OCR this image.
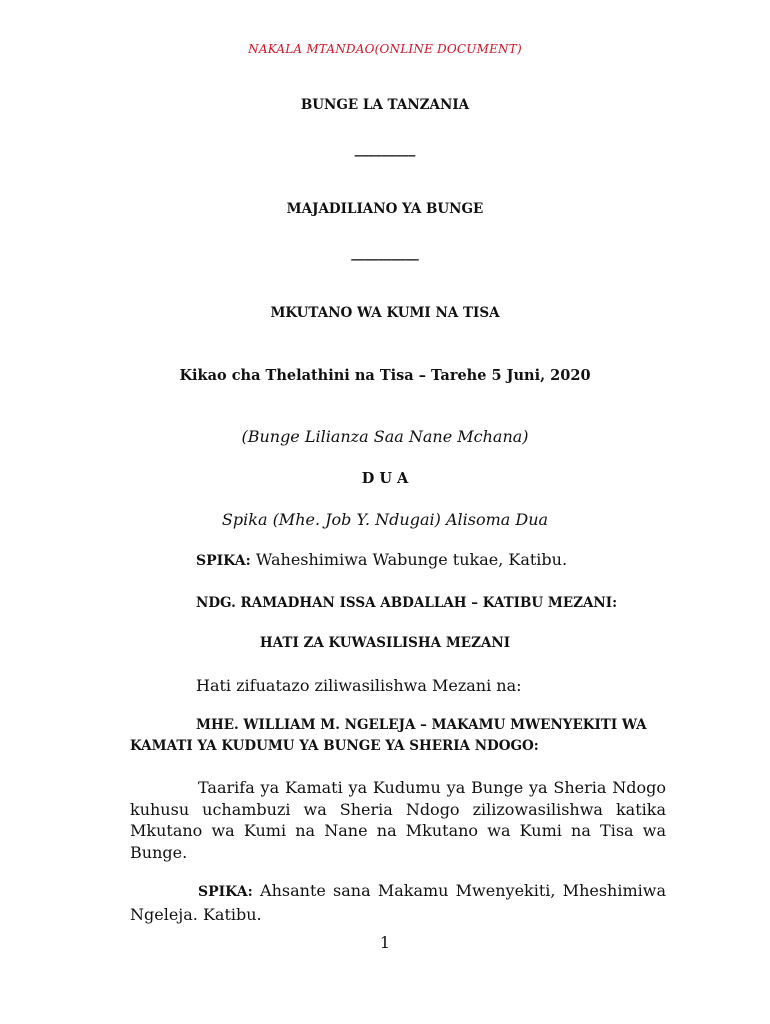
NAKALA MTANDAO(ONLINE DOCUMENT)
BUNGE LA TANZANIA
_________
MAJADILIANO YA BUNGE
__________
MKUTANO WA KUMI NA TISA
Kikao cha Thelathini na Tisa – Tarehe 5 Juni, 2020
(Bunge Lilianza Saa Nane Mchana)
D U A
Spika (Mhe. Job Y. Ndugai) Alisoma Dua
SPIKA: Waheshimiwa Wabunge tukae, Katibu.
NDG. RAMADHAN ISSA ABDALLAH – KATIBU MEZANI:
HATI ZA KUWASILISHA MEZANI
Hati zifuatazo ziliwasilishwa Mezani na:
MHE. WILLIAM M. NGELEJA – MAKAMU MWENYEKITI WA
KAMATI YA KUDUMU YA BUNGE YA SHERIA NDOGO:

Taarifa ya Kamati ya Kudumu ya Bunge ya Sheria Ndogo kuhusu uchambuzi wa Sheria Ndogo zilizowasilishwa katika Mkutano wa Kumi na Nane na Mkutano wa Kumi na Tisa wa Bunge.

SPIKA: Ahsante sana Makamu Mwenyekiti, Mheshimiwa Ngeleja. Katibu.

1
